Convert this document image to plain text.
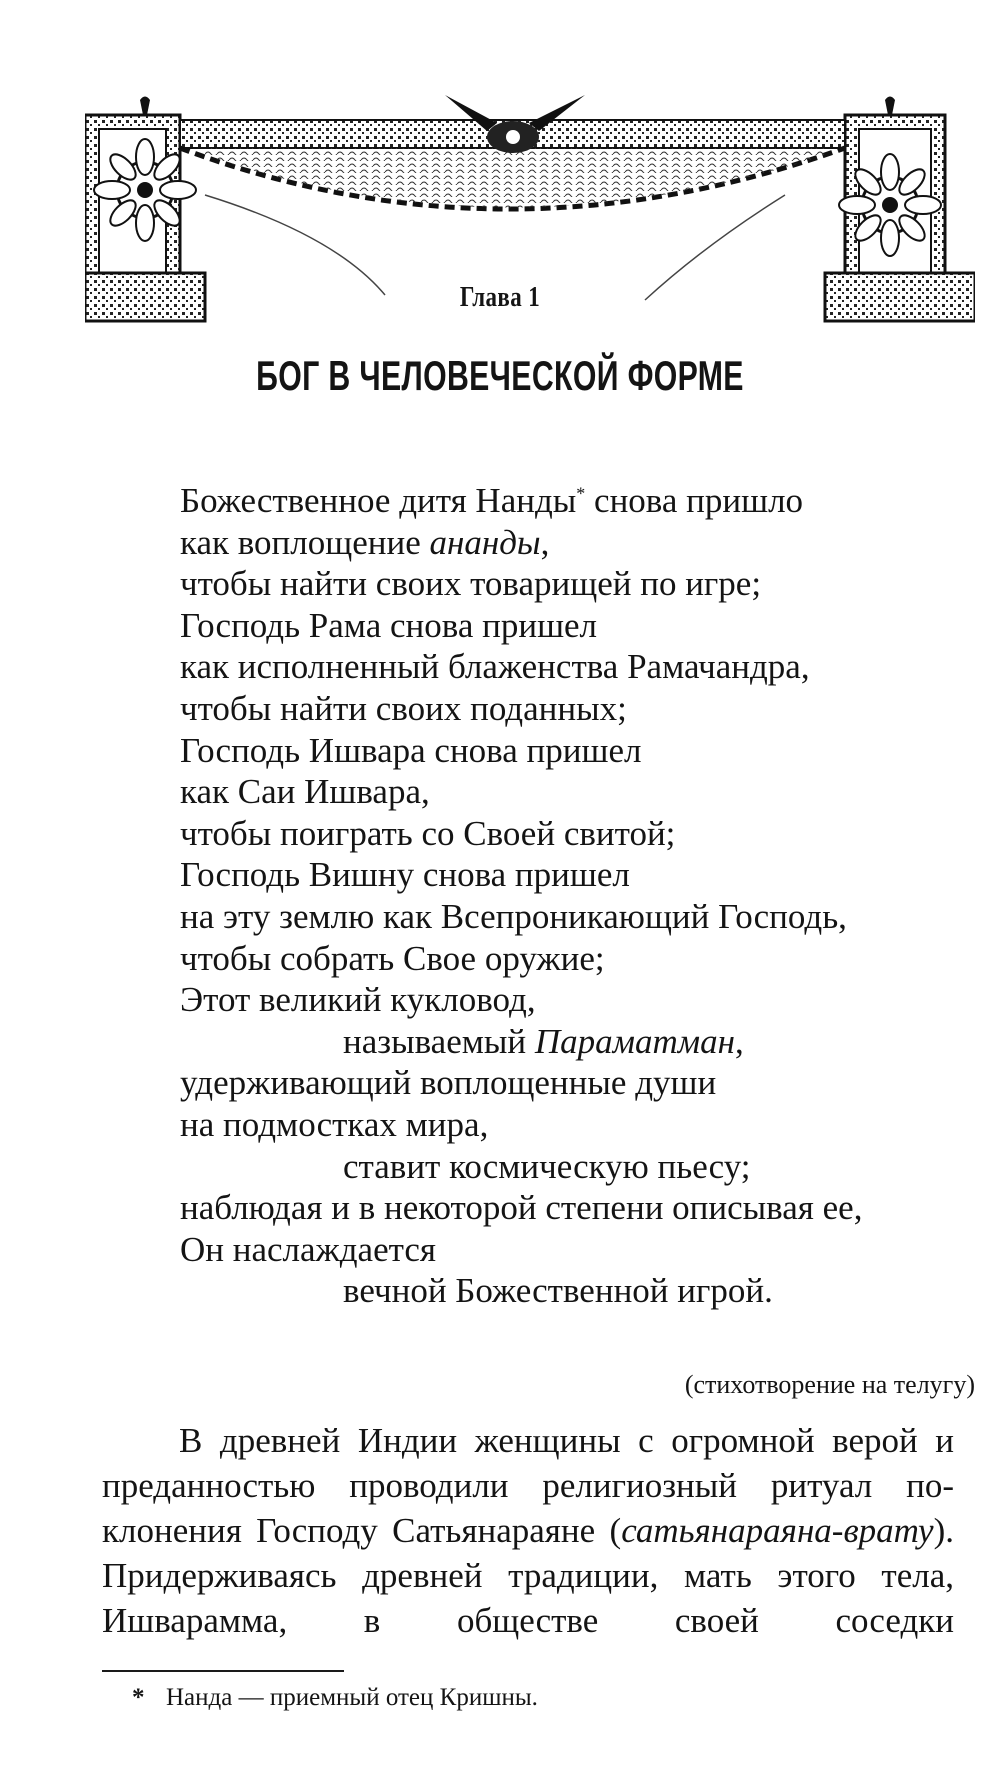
Глава 1
БОГ В ЧЕЛОВЕЧЕСКОЙ ФОРМЕ
Божественное дитя Нанды* снова пришло
как воплощение ананды,
чтобы найти своих товарищей по игре;
Господь Рама снова пришел
как исполненный блаженства Рамачандра,
чтобы найти своих поданных;
Господь Ишвара снова пришел
как Саи Ишвара,
чтобы поиграть со Своей свитой;
Господь Вишну снова пришел
на эту землю как Всепроникающий Господь,
чтобы собрать Свое оружие;
Этот великий кукловод,
называемый Параматман,
удерживающий воплощенные души
на подмостках мира,
ставит космическую пьесу;
наблюдая и в некоторой степени описывая ее,
Он наслаждается
вечной Божественной игрой.
(стихотворение на телугу)
В древней Индии женщины с огромной верой и преданностью проводили религиозный ритуал по-клонения Господу Сатьянараяне (сатьянараяна-врату). Придерживаясь древней традиции, мать этого тела, Ишварамма, в обществе своей соседки
* Нанда — приемный отец Кришны.
